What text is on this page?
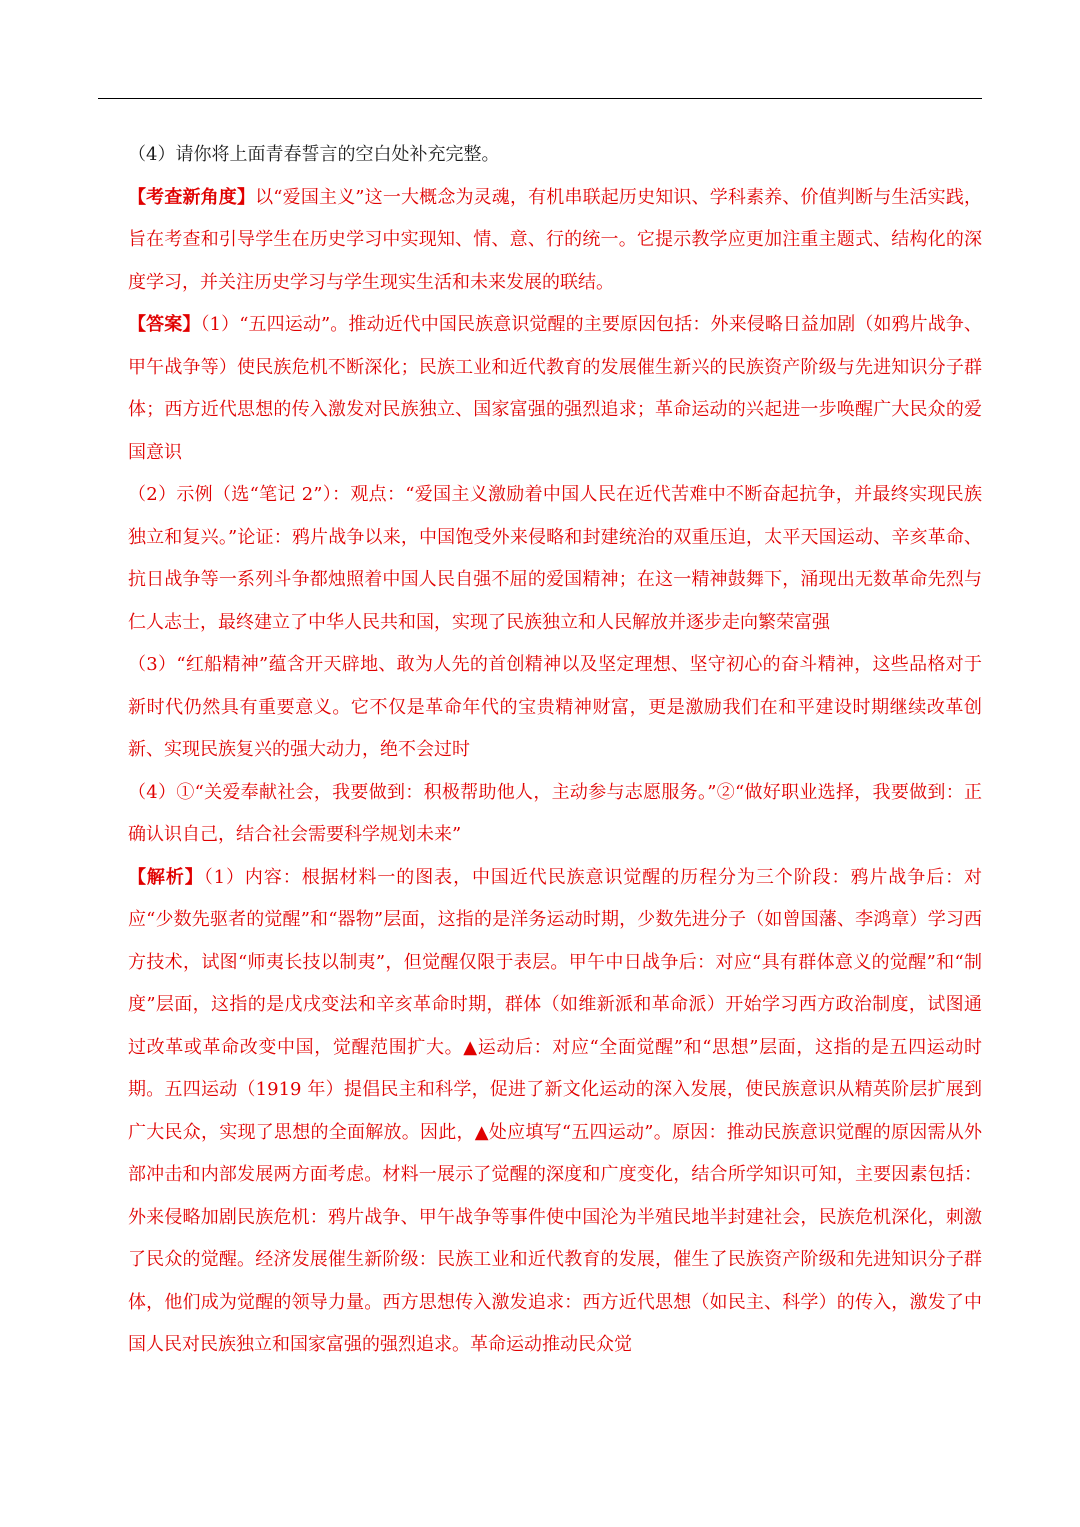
（4）请你将上面青春誓言的空白处补充完整。

【考查新角度】以“爱国主义”这一大概念为灵魂，有机串联起历史知识、学科素养、价值判断与生活实践，旨在考查和引导学生在历史学习中实现知、情、意、行的统一。它提示教学应更加注重主题式、结构化的深度学习，并关注历史学习与学生现实生活和未来发展的联结。

【答案】（1）“五四运动”。推动近代中国民族意识觉醒的主要原因包括：外来侵略日益加剧（如鸦片战争、甲午战争等）使民族危机不断深化；民族工业和近代教育的发展催生新兴的民族资产阶级与先进知识分子群体；西方近代思想的传入激发对民族独立、国家富强的强烈追求；革命运动的兴起进一步唤醒广大民众的爱国意识

（2）示例（选“笔记 2”）：观点：“爱国主义激励着中国人民在近代苦难中不断奋起抗争，并最终实现民族独立和复兴。”论证：鸦片战争以来，中国饱受外来侵略和封建统治的双重压迫，太平天国运动、辛亥革命、抗日战争等一系列斗争都烛照着中国人民自强不屈的爱国精神；在这一精神鼓舞下，涌现出无数革命先烈与仁人志士，最终建立了中华人民共和国，实现了民族独立和人民解放并逐步走向繁荣富强

（3）“红船精神”蕴含开天辟地、敢为人先的首创精神以及坚定理想、坚守初心的奋斗精神，这些品格对于新时代仍然具有重要意义。它不仅是革命年代的宝贵精神财富，更是激励我们在和平建设时期继续改革创新、实现民族复兴的强大动力，绝不会过时

（4）①“关爱奉献社会，我要做到：积极帮助他人，主动参与志愿服务。”②“做好职业选择，我要做到：正确认识自己，结合社会需要科学规划未来”

【解析】（1）内容：根据材料一的图表，中国近代民族意识觉醒的历程分为三个阶段：鸦片战争后：对应“少数先驱者的觉醒”和“器物”层面，这指的是洋务运动时期，少数先进分子（如曾国藩、李鸿章）学习西方技术，试图“师夷长技以制夷”，但觉醒仅限于表层。甲午中日战争后：对应“具有群体意义的觉醒”和“制度”层面，这指的是戊戌变法和辛亥革命时期，群体（如维新派和革命派）开始学习西方政治制度，试图通过改革或革命改变中国，觉醒范围扩大。▲运动后：对应“全面觉醒”和“思想”层面，这指的是五四运动时期。五四运动（1919 年）提倡民主和科学，促进了新文化运动的深入发展，使民族意识从精英阶层扩展到广大民众，实现了思想的全面解放。因此，▲处应填写“五四运动”。原因：推动民族意识觉醒的原因需从外部冲击和内部发展两方面考虑。材料一展示了觉醒的深度和广度变化，结合所学知识可知，主要因素包括：外来侵略加剧民族危机：鸦片战争、甲午战争等事件使中国沦为半殖民地半封建社会，民族危机深化，刺激了民众的觉醒。经济发展催生新阶级：民族工业和近代教育的发展，催生了民族资产阶级和先进知识分子群体，他们成为觉醒的领导力量。西方思想传入激发追求：西方近代思想（如民主、科学）的传入，激发了中国人民对民族独立和国家富强的强烈追求。革命运动推动民众觉
